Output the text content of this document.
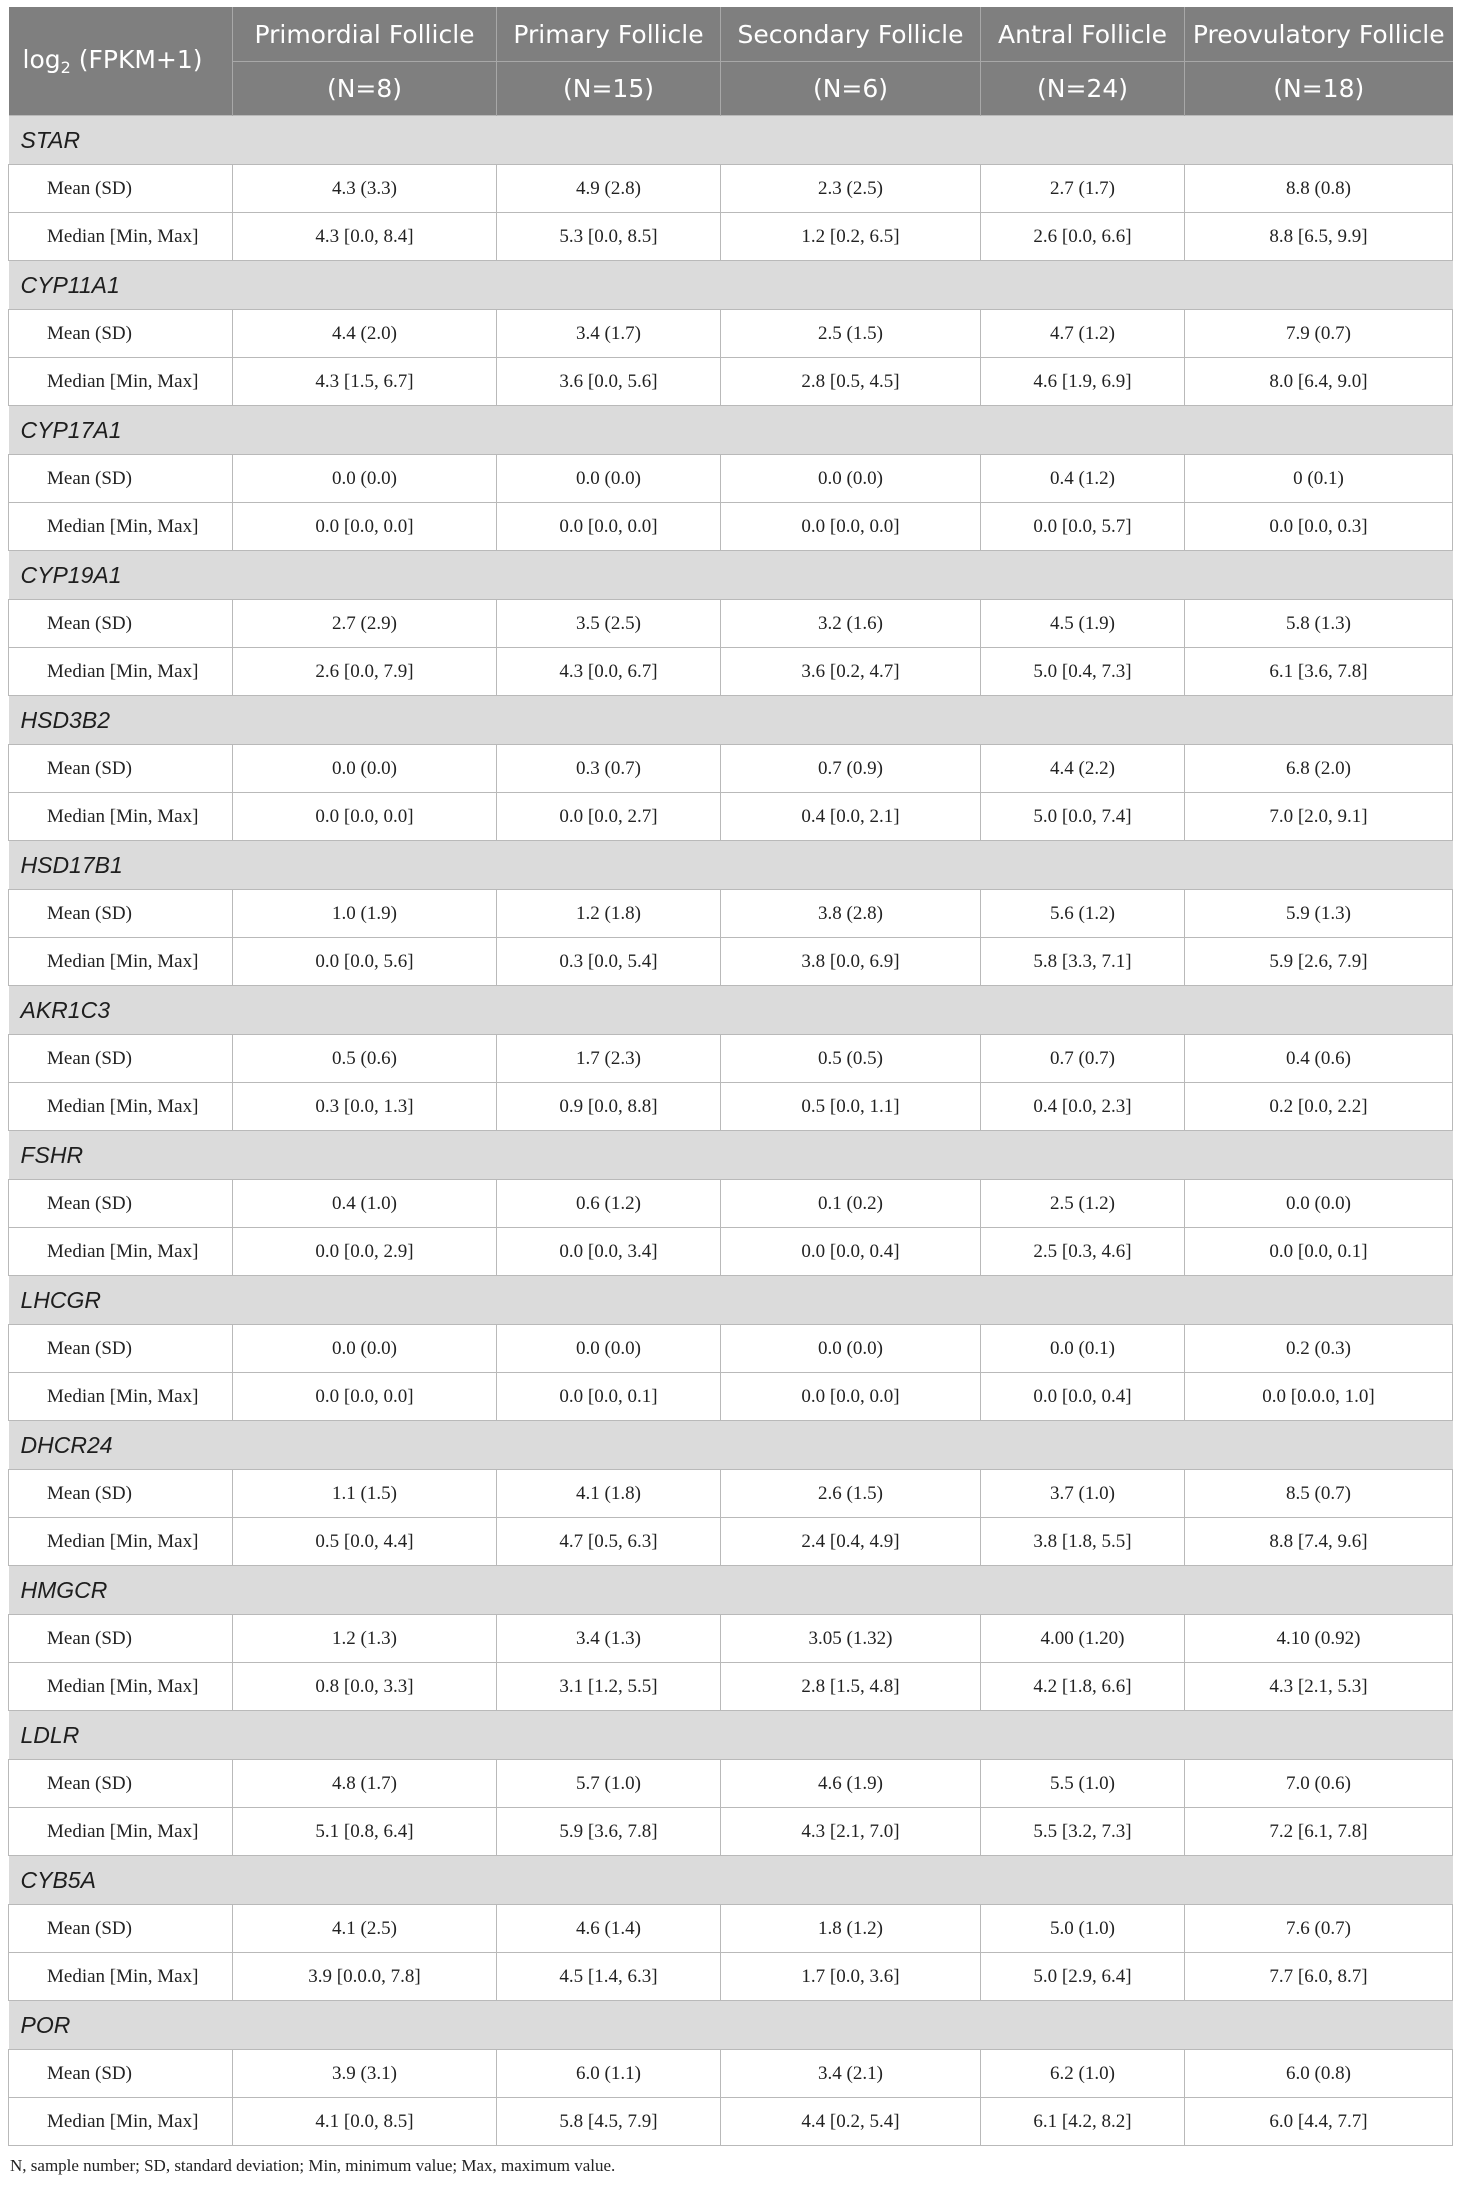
$\log_2$ (FPKM+1)	Primordial Follicle	Primary Follicle	Secondary Follicle	Antral Follicle	Preovulatory Follicle
	(N=8)	(N=15)	(N=6)	(N=24)	(N=18)
STAR					
Mean (SD)	4.3 (3.3)	4.9 (2.8)	2.3 (2.5)	2.7 (1.7)	8.8 (0.8)
Median [Min, Max]	4.3 [0.0, 8.4]	5.3 [0.0, 8.5]	1.2 [0.2, 6.5]	2.6 [0.0, 6.6]	8.8 [6.5, 9.9]
CYP11A1					
Mean (SD)	4.4 (2.0)	3.4 (1.7)	2.5 (1.5)	4.7 (1.2)	7.9 (0.7)
Median [Min, Max]	4.3 [1.5, 6.7]	3.6 [0.0, 5.6]	2.8 [0.5, 4.5]	4.6 [1.9, 6.9]	8.0 [6.4, 9.0]
CYP17A1					
Mean (SD)	0.0 (0.0)	0.0 (0.0)	0.0 (0.0)	0.4 (1.2)	0 (0.1)
Median [Min, Max]	0.0 [0.0, 0.0]	0.0 [0.0, 0.0]	0.0 [0.0, 0.0]	0.0 [0.0, 5.7]	0.0 [0.0, 0.3]
CYP19A1					
Mean (SD)	2.7 (2.9)	3.5 (2.5)	3.2 (1.6)	4.5 (1.9)	5.8 (1.3)
Median [Min, Max]	2.6 [0.0, 7.9]	4.3 [0.0, 6.7]	3.6 [0.2, 4.7]	5.0 [0.4, 7.3]	6.1 [3.6, 7.8]
HSD3B2					
Mean (SD)	0.0 (0.0)	0.3 (0.7)	0.7 (0.9)	4.4 (2.2)	6.8 (2.0)
Median [Min, Max]	0.0 [0.0, 0.0]	0.0 [0.0, 2.7]	0.4 [0.0, 2.1]	5.0 [0.0, 7.4]	7.0 [2.0, 9.1]
HSD17B1					
Mean (SD)	1.0 (1.9)	1.2 (1.8)	3.8 (2.8)	5.6 (1.2)	5.9 (1.3)
Median [Min, Max]	0.0 [0.0, 5.6]	0.3 [0.0, 5.4]	3.8 [0.0, 6.9]	5.8 [3.3, 7.1]	5.9 [2.6, 7.9]
AKR1C3					
Mean (SD)	0.5 (0.6)	1.7 (2.3)	0.5 (0.5)	0.7 (0.7)	0.4 (0.6)
Median [Min, Max]	0.3 [0.0, 1.3]	0.9 [0.0, 8.8]	0.5 [0.0, 1.1]	0.4 [0.0, 2.3]	0.2 [0.0, 2.2]
FSHR					
Mean (SD)	0.4 (1.0)	0.6 (1.2)	0.1 (0.2)	2.5 (1.2)	0.0 (0.0)
Median [Min, Max]	0.0 [0.0, 2.9]	0.0 [0.0, 3.4]	0.0 [0.0, 0.4]	2.5 [0.3, 4.6]	0.0 [0.0, 0.1]
LHCGR					
Mean (SD)	0.0 (0.0)	0.0 (0.0)	0.0 (0.0)	0.0 (0.1)	0.2 (0.3)
Median [Min, Max]	0.0 [0.0, 0.0]	0.0 [0.0, 0.1]	0.0 [0.0, 0.0]	0.0 [0.0, 0.4]	0.0 [0.0.0, 1.0]
DHCR24					
Mean (SD)	1.1 (1.5)	4.1 (1.8)	2.6 (1.5)	3.7 (1.0)	8.5 (0.7)
Median [Min, Max]	0.5 [0.0, 4.4]	4.7 [0.5, 6.3]	2.4 [0.4, 4.9]	3.8 [1.8, 5.5]	8.8 [7.4, 9.6]
HMGCR					
Mean (SD)	1.2 (1.3)	3.4 (1.3)	3.05 (1.32)	4.00 (1.20)	4.10 (0.92)
Median [Min, Max]	0.8 [0.0, 3.3]	3.1 [1.2, 5.5]	2.8 [1.5, 4.8]	4.2 [1.8, 6.6]	4.3 [2.1, 5.3]
LDLR					
Mean (SD)	4.8 (1.7)	5.7 (1.0)	4.6 (1.9)	5.5 (1.0)	7.0 (0.6)
Median [Min, Max]	5.1 [0.8, 6.4]	5.9 [3.6, 7.8]	4.3 [2.1, 7.0]	5.5 [3.2, 7.3]	7.2 [6.1, 7.8]
CYB5A					
Mean (SD)	4.1 (2.5)	4.6 (1.4)	1.8 (1.2)	5.0 (1.0)	7.6 (0.7)
Median [Min, Max]	3.9 [0.0.0, 7.8]	4.5 [1.4, 6.3]	1.7 [0.0, 3.6]	5.0 [2.9, 6.4]	7.7 [6.0, 8.7]
POR					
Mean (SD)	3.9 (3.1)	6.0 (1.1)	3.4 (2.1)	6.2 (1.0)	6.0 (0.8)
Median [Min, Max]	4.1 [0.0, 8.5]	5.8 [4.5, 7.9]	4.4 [0.2, 5.4]	6.1 [4.2, 8.2]	6.0 [4.4, 7.7]
N, sample number; SD, standard deviation; Min, minimum value; Max, maximum value.
